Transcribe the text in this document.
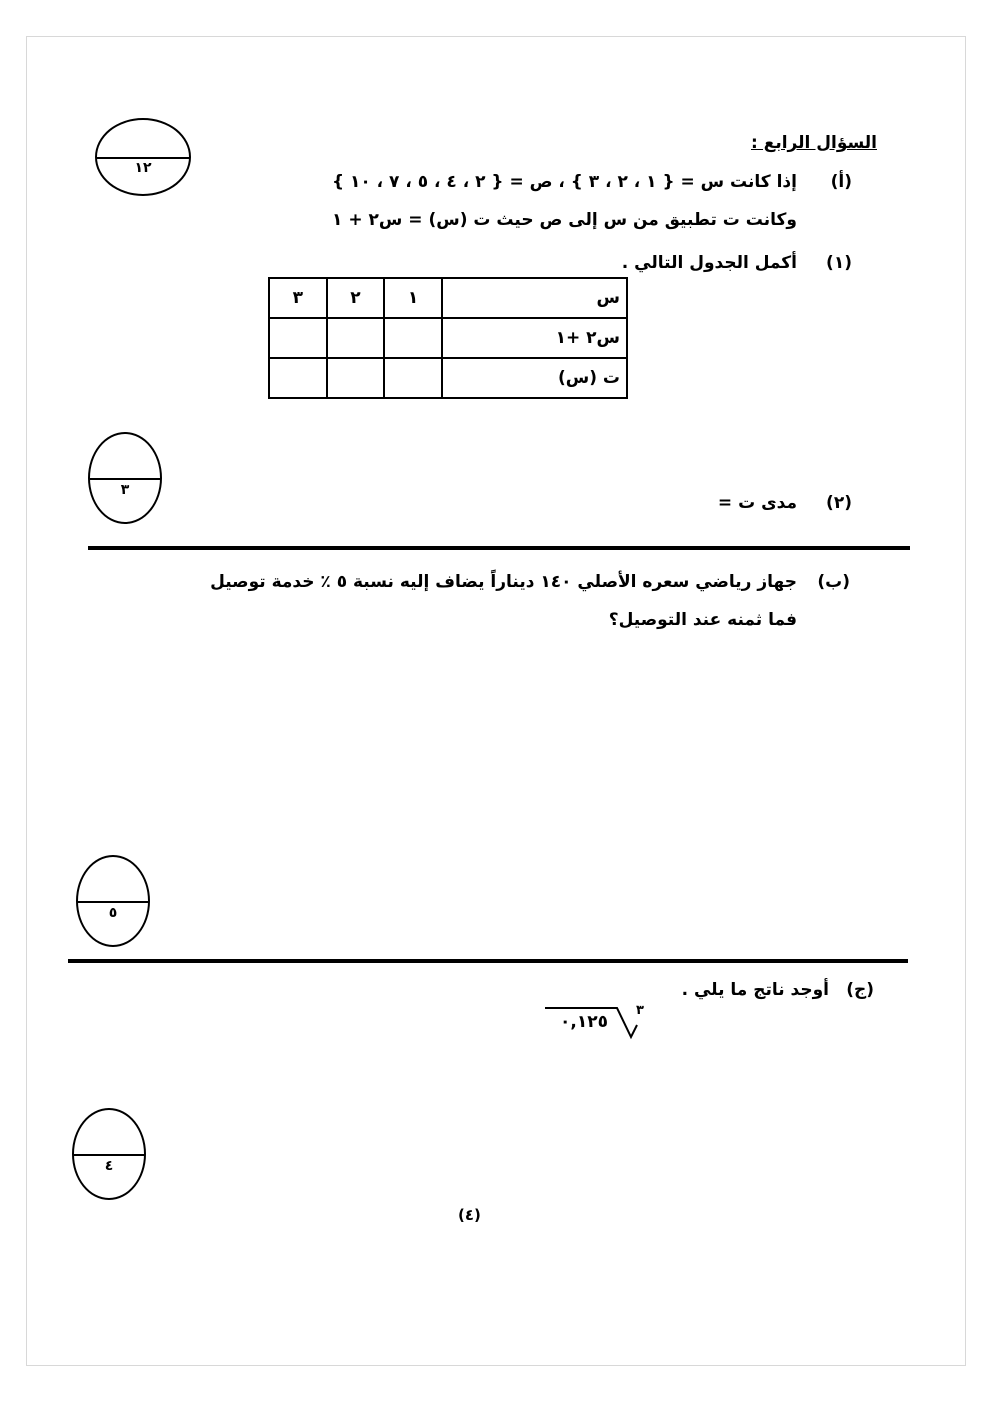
السؤال الرابع :
(أ)
إذا كانت س = { ١ ، ٢ ، ٣ } ، ص = { ٢ ، ٤ ، ٥ ، ٧ ، ١٠ }
وكانت ت تطبيق من س إلى ص حيث ت (س) = س٢ + ١
١٢
(١)
أكمل الجدول التالي .
س	١	٢	٣
س٢ +١			
ت (س)			
٣
(٢)
مدى ت =
(ب)
جهاز رياضي سعره الأصلي ١٤٠ ديناراً يضاف إليه نسبة ٥ ٪ خدمة توصيل
فما ثمنه عند التوصيل؟
٥
(ج)
أوجد ناتج ما يلي .
٣
٠,١٢٥
٤
(٤)
